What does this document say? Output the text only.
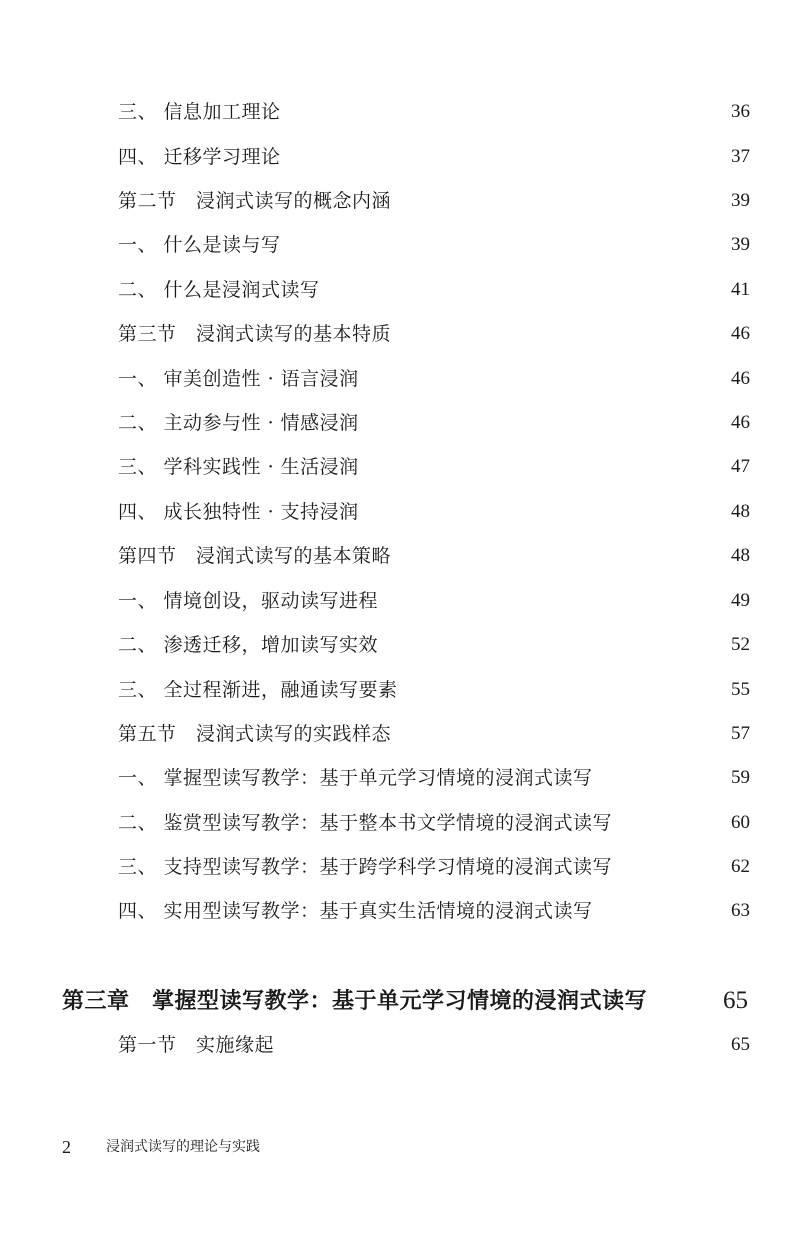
三、 信息加工理论	36
四、 迁移学习理论	37
第二节　浸润式读写的概念内涵	39
一、 什么是读与写	39
二、 什么是浸润式读写	41
第三节　浸润式读写的基本特质	46
一、 审美创造性 · 语言浸润	46
二、 主动参与性 · 情感浸润	46
三、 学科实践性 · 生活浸润	47
四、 成长独特性 · 支持浸润	48
第四节　浸润式读写的基本策略	48
一、 情境创设，驱动读写进程	49
二、 渗透迁移，增加读写实效	52
三、 全过程渐进，融通读写要素	55
第五节　浸润式读写的实践样态	57
一、 掌握型读写教学：基于单元学习情境的浸润式读写	59
二、 鉴赏型读写教学：基于整本书文学情境的浸润式读写	60
三、 支持型读写教学：基于跨学科学习情境的浸润式读写	62
四、 实用型读写教学：基于真实生活情境的浸润式读写	63
第三章　掌握型读写教学：基于单元学习情境的浸润式读写	65
第一节　实施缘起	65
2	浸润式读写的理论与实践
